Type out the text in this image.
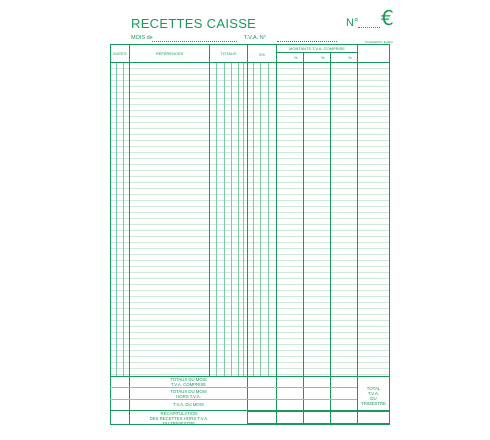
RECETTES CAISSE	N° €
CONCERTO EURO
MOIS de	T.V.A. N°
DATES	RÉFÉRENCES	TOTAUX	0%
MONTANTS T.V.A. COMPRISE
%	%	%
TOTAUX DU MOIS
T.V.A. COMPRISE
TOTAUX DU MOIS
HORS T.V.A.
T.V.A. DU MOIS
RÉCAPITULATION
DES RECETTES HORS T.V.A.
DU TRIMESTRE
TOTAL
T.V.A.
DU
TRIMESTRE
